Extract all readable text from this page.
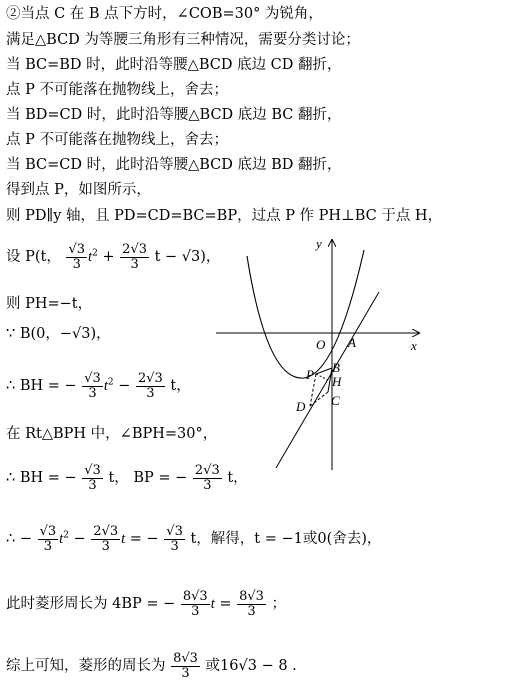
②当点 C 在 B 点下方时，∠COB=30° 为锐角，
满足△BCD 为等腰三角形有三种情况，需要分类讨论；
当 BC=BD 时，此时沿等腰△BCD 底边 CD 翻折，
点 P 不可能落在抛物线上，舍去；
当 BD=CD 时，此时沿等腰△BCD 底边 BC 翻折，
点 P 不可能落在抛物线上，舍去；
当 BC=CD 时，此时沿等腰△BCD 底边 BD 翻折，
得到点 P，如图所示，
则 PD∥y 轴，且 PD=CD=BC=BP，过点 P 作 PH⊥BC 于点 H，
设 P(t， $\frac{√3}{3} t^2 + \frac{2√3}{3}$ t − √3)，
则 PH=−t，
∵ B(0，−√3)，
∴ BH = − $\frac{√3}{3} t^2 - \frac{2√3}{3}$ t，
在 Rt△BPH 中，∠BPH=30°，
∴ BH = − $\frac{√3}{3}$ t， BP = − $\frac{2√3}{3}$ t，
∴ − $\frac{√3}{3} t^2 - \frac{2√3}{3}$ t = − $\frac{√3}{3}$ t，解得，t = −1或0(舍去)，
此时菱形周长为 4BP = − $\frac{8√3}{3}$ $t = \frac{8√3}{3}$ ；
综上可知，菱形的周长为 $\frac{8√3}{3}$ 或16√3 − 8 .
y
x
O A
B
P H
C
D
